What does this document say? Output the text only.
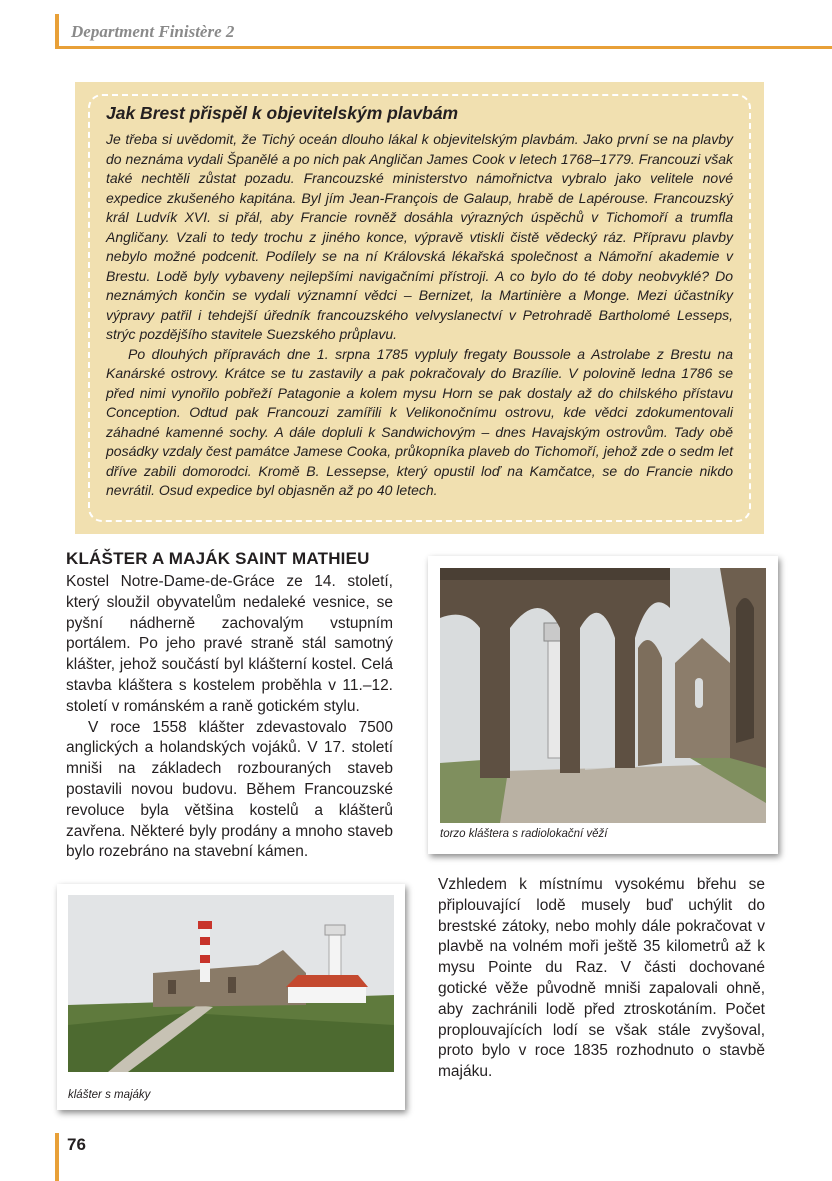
Department Finistère 2
Jak Brest přispěl k objevitelským plavbám

Je třeba si uvědomit, že Tichý oceán dlouho lákal k objevitelským plavbám. Jako první se na plavby do neznáma vydali Španělé a po nich pak Angličan James Cook v letech 1768–1779. Francouzi však také nechtěli zůstat pozadu. Francouzské ministerstvo námořnictva vybralo jako velitele nové expedice zkušeného kapitána. Byl jím Jean-François de Galaup, hrabě de Lapérouse. Francouzský král Ludvík XVI. si přál, aby Francie rovněž dosáhla výrazných úspěchů v Tichomoří a trumfla Angličany. Vzali to tedy trochu z jiného konce, výpravě vtiskli čistě vědecký ráz. Přípravu plavby nebylo možné podcenit. Podílely se na ní Královská lékařská společnost a Námořní akademie v Brestu. Lodě byly vybaveny nejlepšími navigačními přístroji. A co bylo do té doby neobvyklé? Do neznámých končin se vydali významní vědci – Bernizet, la Martinière a Monge. Mezi účastníky výpravy patřil i tehdejší úředník francouzského velvyslanectví v Petrohradě Bartholomé Lesseps, strýc pozdějšího stavitele Suezského průplavu.

Po dlouhých přípravách dne 1. srpna 1785 vypluly fregaty Boussole a Astrolabe z Brestu na Kanárské ostrovy. Krátce se tu zastavily a pak pokračovaly do Brazílie. V polovině ledna 1786 se před nimi vynořilo pobřeží Patagonie a kolem mysu Horn se pak dostaly až do chilského přístavu Conception. Odtud pak Francouzi zamířili k Velikonočnímu ostrovu, kde vědci zdokumentovali záhadné kamenné sochy. A dále dopluli k Sandwichovým – dnes Havajským ostrovům. Tady obě posádky vzdaly čest památce Jamese Cooka, průkopníka plaveb do Tichomoří, jehož zde o sedm let dříve zabili domorodci. Kromě B. Lessepse, který opustil loď na Kamčatce, se do Francie nikdo nevrátil. Osud expedice byl objasněn až po 40 letech.

KLÁŠTER A MAJÁK SAINT MATHIEU

Kostel Notre-Dame-de-Gráce ze 14. století, který sloužil obyvatelům nedaleké vesnice, se pyšní nádherně zachovalým vstupním portálem. Po jeho pravé straně stál samotný klášter, jehož součástí byl klášterní kostel. Celá stavba kláštera s kostelem proběhla v 11.–12. století v románském a raně gotickém stylu.

V roce 1558 klášter zdevastovalo 7500 anglických a holandských vojáků. V 17. století mniši na základech rozbouraných staveb postavili novou budovu. Během Francouzské revoluce byla většina kostelů a klášterů zavřena. Některé byly prodány a mnoho staveb bylo rozebráno na stavební kámen.

Vzhledem k místnímu vysokému břehu se připlouvající lodě musely buď uchýlit do brestské zátoky, nebo mohly dále pokračovat v plavbě na volném moři ještě 35 kilometrů až k mysu Pointe du Raz. V části dochované gotické věže původně mniši zapalovali ohně, aby zachránili lodě před ztroskotáním. Počet proplouvajících lodí se však stále zvyšoval, proto bylo v roce 1835 rozhodnuto o stavbě majáku.

torzo kláštera s radiolokační věží
klášter s majáky
76
